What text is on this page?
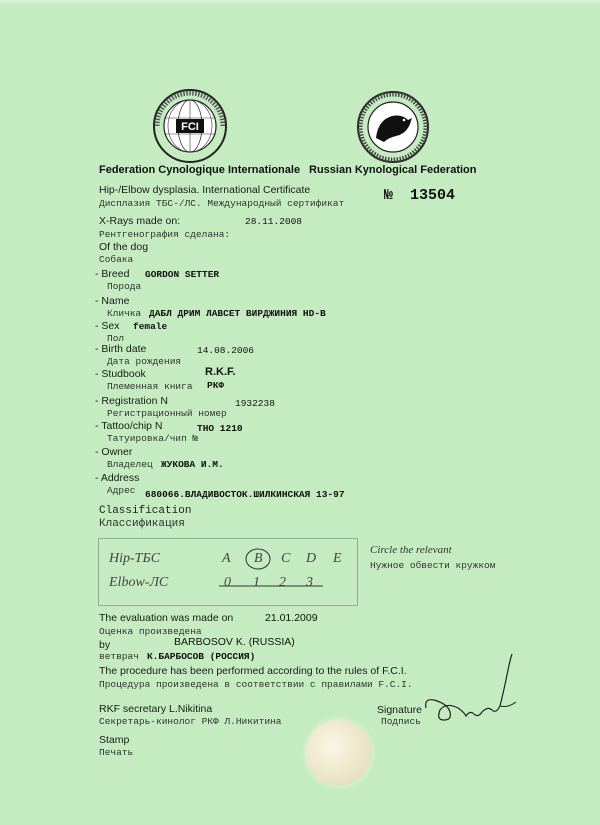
FCI
Federation Cynologique Internationale Russian Kynological Federation
Hip-/Elbow dysplasia. International Certificate
Дисплазия ТБС-/ЛС. Международный сертификат	№ 13504
X-Rays made on:
Рентгенография сделана:
28.11.2008
Of the dog
Собака
- Breed
Порода
GORDON SETTER
- Name
Кличка ДАБЛ ДРИМ ЛАВСЕТ ВИРДЖИНИЯ HD-B
- Sex
Пол
female
- Birth date
Дата рождения
14.08.2006
- Studbook
Племенная книга
R.K.F.
РКФ
- Registration N
Регистрационный номер
1932238
- Tattoo/chip N
Татуировка/чип №
ТНО 1210
- Owner
Владелец ЖУКОВА И.М.
- Address
Адрес 680066.ВЛАДИВОСТОК.ШИЛКИНСКАЯ 13-97
Classification
Классификация
Hip-ТБС	A B C D E
Elbow-ЛС	0 1 2 3
Circle the relevant
Нужное обвести кружком
The evaluation was made on	21.01.2009
Оценка произведена
by	BARBOSOV K. (RUSSIA)
ветврач К.БАРБОСОВ (РОССИЯ)
The procedure has been performed according to the rules of F.C.I.
Процедура произведена в соответствии с правилами F.C.I.
RKF secretary L.Nikitina
Секретарь-кинолог РКФ Л.Никитина
Signature
Подпись
Stamp
Печать
